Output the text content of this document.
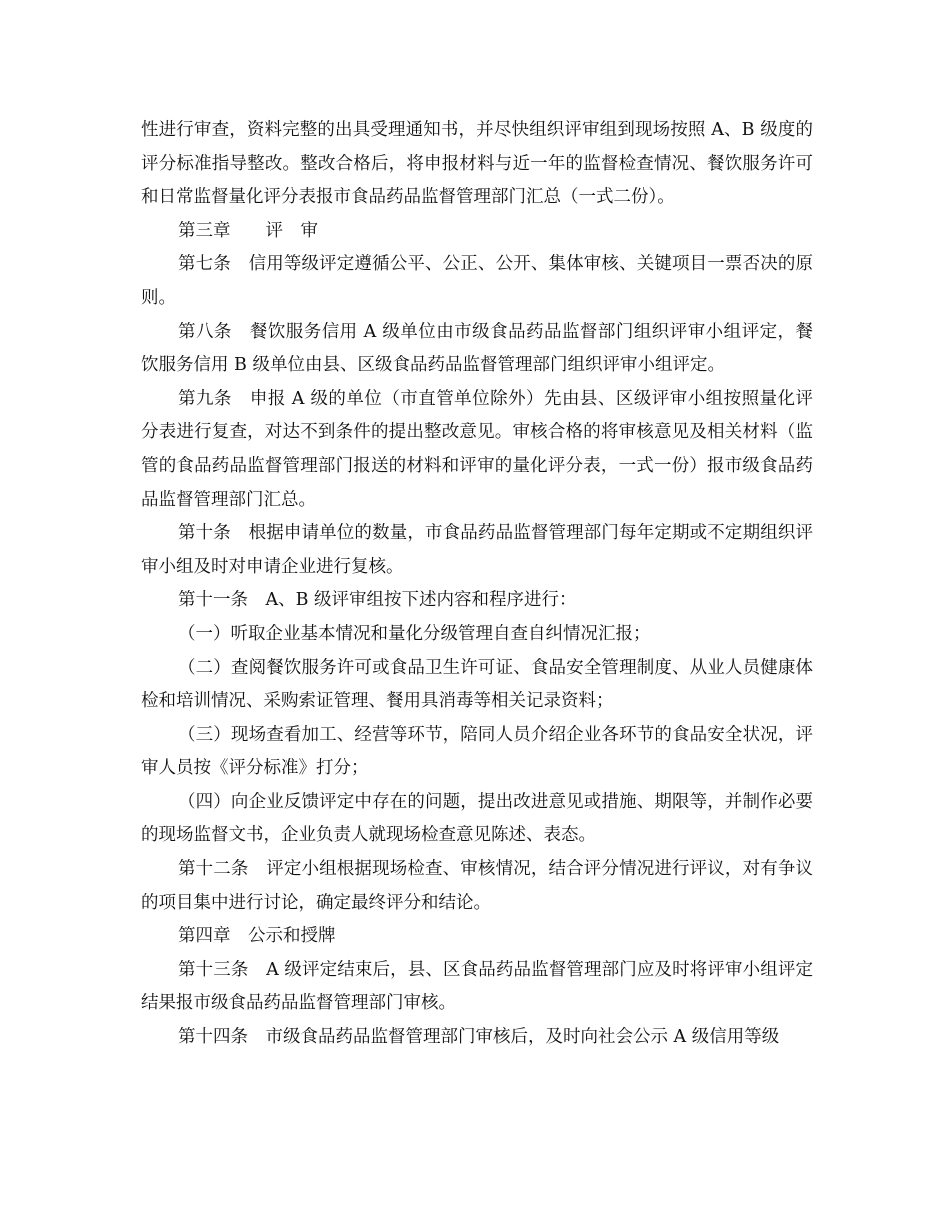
性进行审查，资料完整的出具受理通知书，并尽快组织评审组到现场按照 A、B 级度的评分标准指导整改。整改合格后，将申报材料与近一年的监督检查情况、餐饮服务许可和日常监督量化评分表报市食品药品监督管理部门汇总（一式二份）。

第三章　　评　审

第七条　信用等级评定遵循公平、公正、公开、集体审核、关键项目一票否决的原则。

第八条　餐饮服务信用 A 级单位由市级食品药品监督部门组织评审小组评定，餐饮服务信用 B 级单位由县、区级食品药品监督管理部门组织评审小组评定。

第九条　申报 A 级的单位（市直管单位除外）先由县、区级评审小组按照量化评分表进行复查，对达不到条件的提出整改意见。审核合格的将审核意见及相关材料（监管的食品药品监督管理部门报送的材料和评审的量化评分表，一式一份）报市级食品药品监督管理部门汇总。

第十条　根据申请单位的数量，市食品药品监督管理部门每年定期或不定期组织评审小组及时对申请企业进行复核。

第十一条　A、B 级评审组按下述内容和程序进行：

（一）听取企业基本情况和量化分级管理自查自纠情况汇报；

（二）查阅餐饮服务许可或食品卫生许可证、食品安全管理制度、从业人员健康体检和培训情况、采购索证管理、餐用具消毒等相关记录资料；

（三）现场查看加工、经营等环节，陪同人员介绍企业各环节的食品安全状况，评审人员按《评分标准》打分；

（四）向企业反馈评定中存在的问题，提出改进意见或措施、期限等，并制作必要的现场监督文书，企业负责人就现场检查意见陈述、表态。

第十二条　评定小组根据现场检查、审核情况，结合评分情况进行评议，对有争议的项目集中进行讨论，确定最终评分和结论。

第四章　公示和授牌

第十三条　A 级评定结束后，县、区食品药品监督管理部门应及时将评审小组评定结果报市级食品药品监督管理部门审核。

第十四条　市级食品药品监督管理部门审核后，及时向社会公示 A 级信用等级
